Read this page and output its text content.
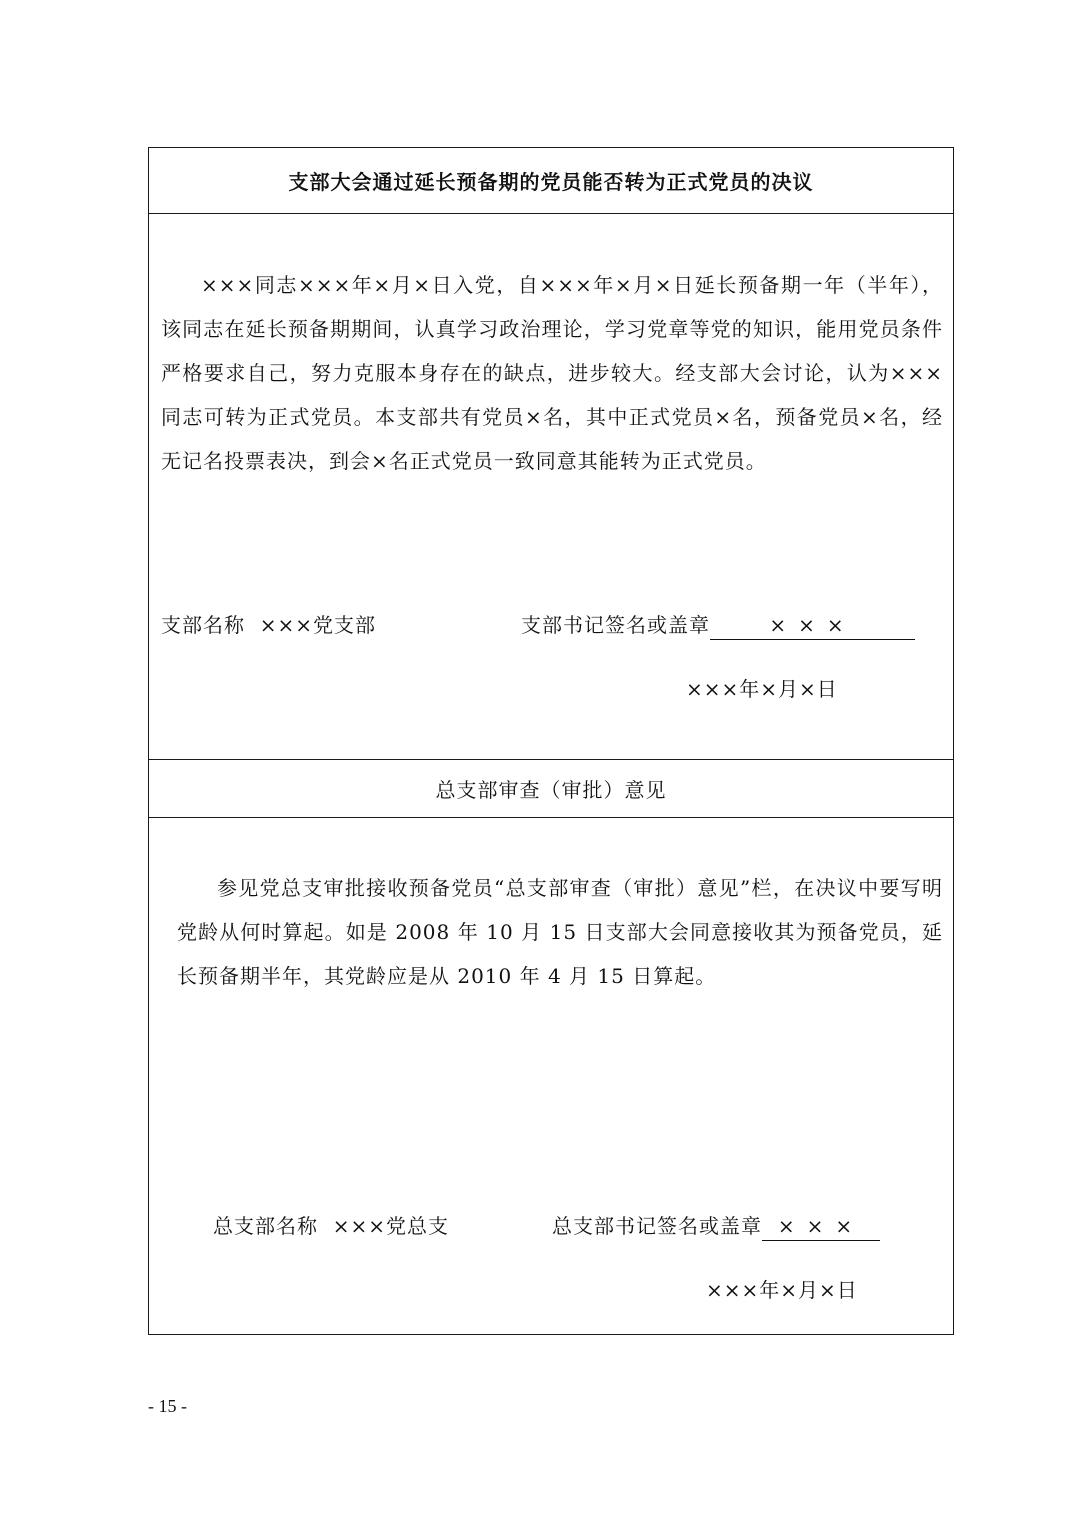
支部大会通过延长预备期的党员能否转为正式党员的决议
×××同志×××年×月×日入党，自×××年×月×日延长预备期一年（半年），该同志在延长预备期期间，认真学习政治理论，学习党章等党的知识，能用党员条件严格要求自己，努力克服本身存在的缺点，进步较大。经支部大会讨论，认为×××同志可转为正式党员。本支部共有党员×名，其中正式党员×名，预备党员×名，经无记名投票表决，到会×名正式党员一致同意其能转为正式党员。
支部名称 ×××党支部	支部书记签名或盖章	×××
×××年×月×日
总支部审查（审批）意见
参见党总支审批接收预备党员“总支部审查（审批）意见”栏，在决议中要写明党龄从何时算起。如是 2008 年 10 月 15 日支部大会同意接收其为预备党员，延长预备期半年，其党龄应是从 2010 年 4 月 15 日算起。
总支部名称 ×××党总支	总支部书记签名或盖章 ×××
×××年×月×日
- 15 -
